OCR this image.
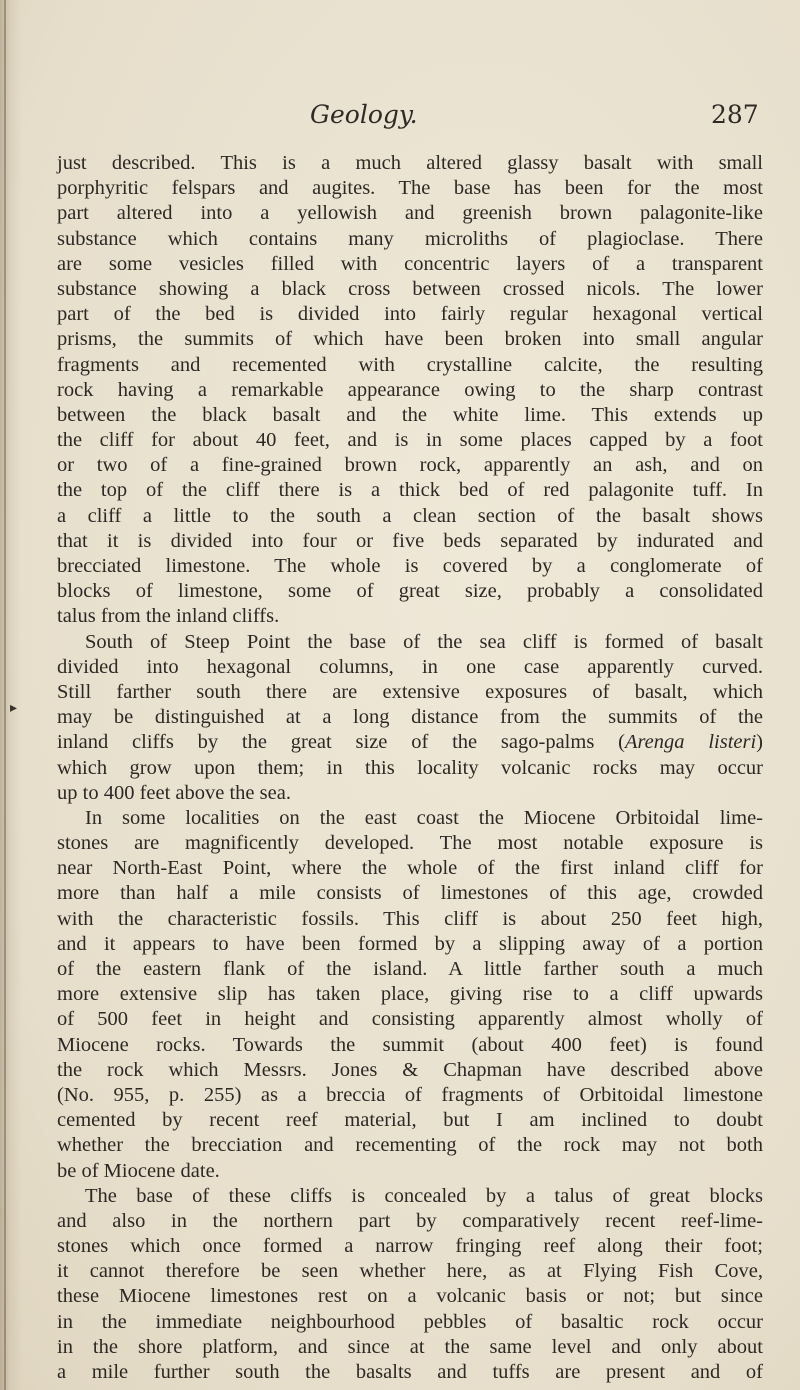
Geology.	287
▸
just described. This is a much altered glassy basalt with small
porphyritic felspars and augites. The base has been for the most
part altered into a yellowish and greenish brown palagonite-like
substance which contains many microliths of plagioclase. There
are some vesicles filled with concentric layers of a transparent
substance showing a black cross between crossed nicols. The lower
part of the bed is divided into fairly regular hexagonal vertical
prisms, the summits of which have been broken into small angular
fragments and recemented with crystalline calcite, the resulting
rock having a remarkable appearance owing to the sharp contrast
between the black basalt and the white lime. This extends up
the cliff for about 40 feet, and is in some places capped by a foot
or two of a fine-grained brown rock, apparently an ash, and on
the top of the cliff there is a thick bed of red palagonite tuff. In
a cliff a little to the south a clean section of the basalt shows
that it is divided into four or five beds separated by indurated and
brecciated limestone. The whole is covered by a conglomerate of
blocks of limestone, some of great size, probably a consolidated
talus from the inland cliffs.
South of Steep Point the base of the sea cliff is formed of basalt
divided into hexagonal columns, in one case apparently curved.
Still farther south there are extensive exposures of basalt, which
may be distinguished at a long distance from the summits of the
inland cliffs by the great size of the sago-palms (Arenga listeri)
which grow upon them; in this locality volcanic rocks may occur
up to 400 feet above the sea.
In some localities on the east coast the Miocene Orbitoidal lime-
stones are magnificently developed. The most notable exposure is
near North-East Point, where the whole of the first inland cliff for
more than half a mile consists of limestones of this age, crowded
with the characteristic fossils. This cliff is about 250 feet high,
and it appears to have been formed by a slipping away of a portion
of the eastern flank of the island. A little farther south a much
more extensive slip has taken place, giving rise to a cliff upwards
of 500 feet in height and consisting apparently almost wholly of
Miocene rocks. Towards the summit (about 400 feet) is found
the rock which Messrs. Jones & Chapman have described above
(No. 955, p. 255) as a breccia of fragments of Orbitoidal limestone
cemented by recent reef material, but I am inclined to doubt
whether the brecciation and recementing of the rock may not both
be of Miocene date.
The base of these cliffs is concealed by a talus of great blocks
and also in the northern part by comparatively recent reef-lime-
stones which once formed a narrow fringing reef along their foot;
it cannot therefore be seen whether here, as at Flying Fish Cove,
these Miocene limestones rest on a volcanic basis or not; but since
in the immediate neighbourhood pebbles of basaltic rock occur
in the shore platform, and since at the same level and only about
a mile further south the basalts and tuffs are present and of
